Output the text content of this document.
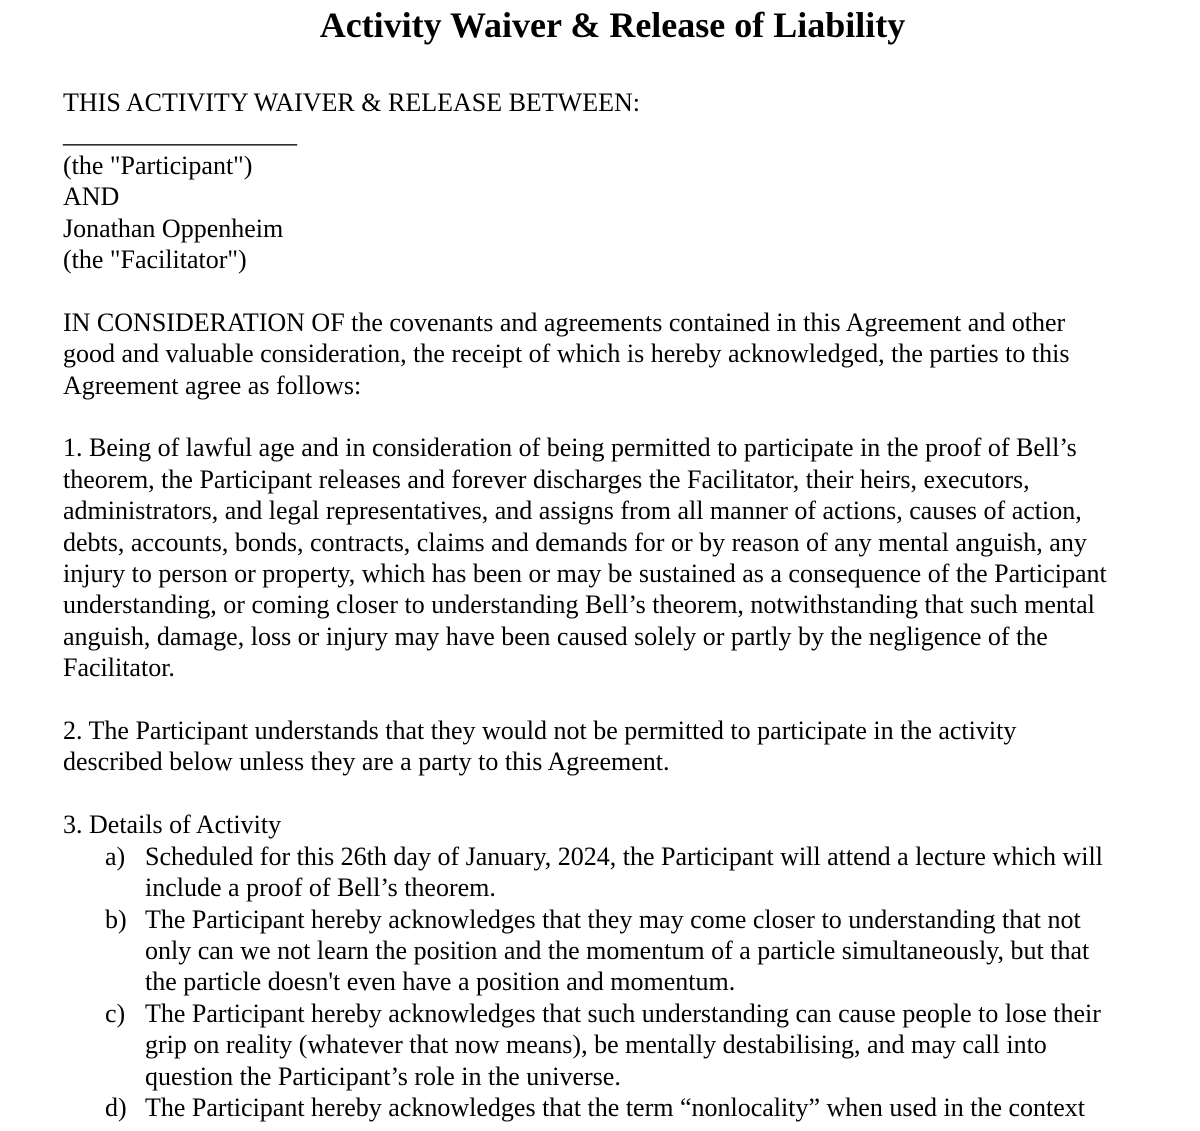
Activity Waiver & Release of Liability
THIS ACTIVITY WAIVER & RELEASE BETWEEN:
__________________
(the "Participant")
AND
Jonathan Oppenheim
(the "Facilitator")
IN CONSIDERATION OF the covenants and agreements contained in this Agreement and other
good and valuable consideration, the receipt of which is hereby acknowledged, the parties to this
Agreement agree as follows:
1. Being of lawful age and in consideration of being permitted to participate in the proof of Bell’s
theorem, the Participant releases and forever discharges the Facilitator, their heirs, executors,
administrators, and legal representatives, and assigns from all manner of actions, causes of action,
debts, accounts, bonds, contracts, claims and demands for or by reason of any mental anguish, any
injury to person or property, which has been or may be sustained as a consequence of the Participant
understanding, or coming closer to understanding Bell’s theorem, notwithstanding that such mental
anguish, damage, loss or injury may have been caused solely or partly by the negligence of the
Facilitator.
2. The Participant understands that they would not be permitted to participate in the activity
described below unless they are a party to this Agreement.
3. Details of Activity
a) Scheduled for this 26th day of January, 2024, the Participant will attend a lecture which will
include a proof of Bell’s theorem.
b) The Participant hereby acknowledges that they may come closer to understanding that not
only can we not learn the position and the momentum of a particle simultaneously, but that
the particle doesn't even have a position and momentum.
c) The Participant hereby acknowledges that such understanding can cause people to lose their
grip on reality (whatever that now means), be mentally destabilising, and may call into
question the Participant’s role in the universe.
d) The Participant hereby acknowledges that the term “nonlocality” when used in the context
